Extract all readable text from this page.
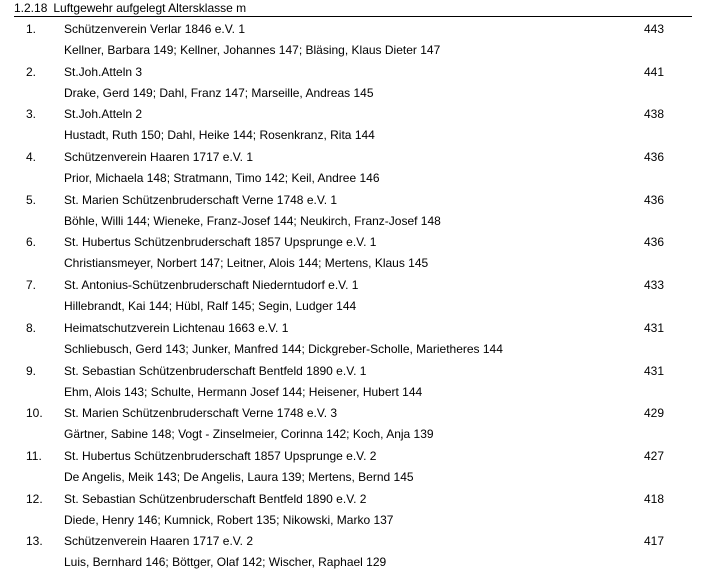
1.2.18 Luftgewehr aufgelegt Altersklasse m
1.	Schützenverein Verlar 1846 e.V. 1	443
Kellner, Barbara 149; Kellner, Johannes 147; Bläsing, Klaus Dieter 147
2.	St.Joh.Atteln 3	441
Drake, Gerd 149; Dahl, Franz 147; Marseille, Andreas 145
3.	St.Joh.Atteln 2	438
Hustadt, Ruth 150; Dahl, Heike 144; Rosenkranz, Rita 144
4.	Schützenverein Haaren 1717 e.V. 1	436
Prior, Michaela 148; Stratmann, Timo 142; Keil, Andree 146
5.	St. Marien Schützenbruderschaft Verne 1748 e.V. 1	436
Böhle, Willi 144; Wieneke, Franz-Josef 144; Neukirch, Franz-Josef 148
6.	St. Hubertus Schützenbruderschaft 1857 Upsprunge e.V. 1	436
Christiansmeyer, Norbert 147; Leitner, Alois 144; Mertens, Klaus 145
7.	St. Antonius-Schützenbruderschaft Niederntudorf e.V. 1	433
Hillebrandt, Kai 144; Hübl, Ralf 145; Segin, Ludger 144
8.	Heimatschutzverein Lichtenau 1663 e.V. 1	431
Schliebusch, Gerd 143; Junker, Manfred 144; Dickgreber-Scholle, Marietheres 144
9.	St. Sebastian Schützenbruderschaft Bentfeld 1890 e.V. 1	431
Ehm, Alois 143; Schulte, Hermann Josef 144; Heisener, Hubert 144
10. St. Marien Schützenbruderschaft Verne 1748 e.V. 3	429
Gärtner, Sabine 148; Vogt - Zinselmeier, Corinna 142; Koch, Anja 139
11.	St. Hubertus Schützenbruderschaft 1857 Upsprunge e.V. 2	427
De Angelis, Meik 143; De Angelis, Laura 139; Mertens, Bernd 145
12. St. Sebastian Schützenbruderschaft Bentfeld 1890 e.V. 2	418
Diede, Henry 146; Kumnick, Robert 135; Nikowski, Marko 137
13. Schützenverein Haaren 1717 e.V. 2	417
Luis, Bernhard 146; Böttger, Olaf 142; Wischer, Raphael 129
